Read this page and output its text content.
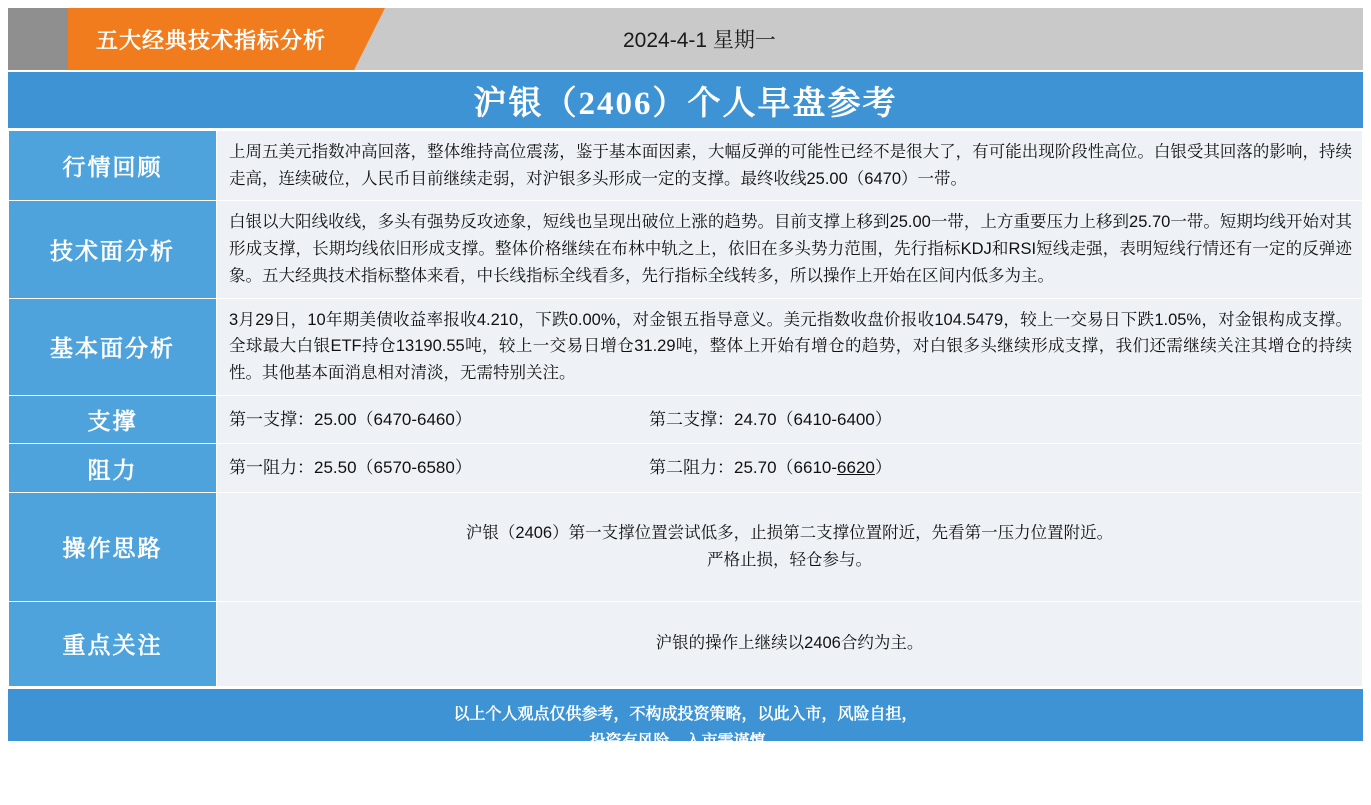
五大经典技术指标分析	2024-4-1 星期一
沪银（2406）个人早盘参考
行情回顾	上周五美元指数冲高回落，整体维持高位震荡，鉴于基本面因素，大幅反弹的可能性已经不是很大了，有可能出现阶段性高位。白银受其回落的影响，持续走高，连续破位，人民币目前继续走弱，对沪银多头形成一定的支撑。最终收线25.00（6470）一带。
技术面分析	白银以大阳线收线，多头有强势反攻迹象，短线也呈现出破位上涨的趋势。目前支撑上移到25.00一带，上方重要压力上移到25.70一带。短期均线开始对其形成支撑，长期均线依旧形成支撑。整体价格继续在布林中轨之上，依旧在多头势力范围，先行指标KDJ和RSI短线走强，表明短线行情还有一定的反弹迹象。五大经典技术指标整体来看，中长线指标全线看多，先行指标全线转多，所以操作上开始在区间内低多为主。
基本面分析	3月29日，10年期美债收益率报收4.210，下跌0.00%，对金银五指导意义。美元指数收盘价报收104.5479，较上一交易日下跌1.05%，对金银构成支撑。全球最大白银ETF持仓13190.55吨，较上一交易日增仓31.29吨，整体上开始有增仓的趋势，对白银多头继续形成支撑，我们还需继续关注其增仓的持续性。其他基本面消息相对清淡，无需特别关注。
支撑	第一支撑：25.00（6470-6460） 第二支撑：24.70（6410-6400）

阻力	第一阻力：25.50（6570-6580） 第二阻力：25.70（6610-6620）

操作思路	沪银（2406）第一支撑位置尝试低多，止损第二支撑位置附近，先看第一压力位置附近。
严格止损，轻仓参与。

重点关注	沪银的操作上继续以2406合约为主。
以上个人观点仅供参考，不构成投资策略，以此入市，风险自担，
投资有风险，入市需谨慎。
